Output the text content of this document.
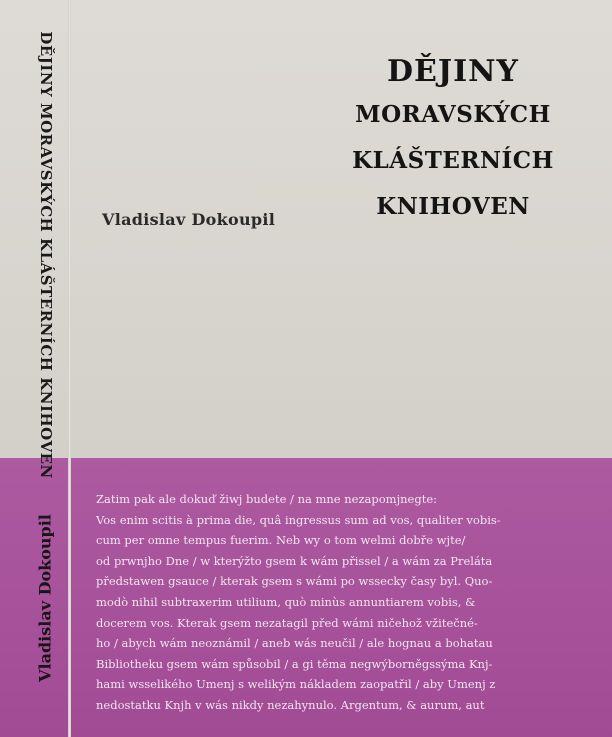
DĚJINY MORAVSKÝCH KLÁŠTERNÍCH KNIHOVEN
Vladislav Dokoupil
Vladislav Dokoupil
DĚJINY
MORAVSKÝCH
KLÁŠTERNÍCH
KNIHOVEN
Zatim pak ale dokuď žiwj budete / na mne nezapomjnegte:
Vos enim scitis à prima die, quâ ingressus sum ad vos, qualiter vobis-
cum per omne tempus fuerim. Neb wy o tom welmi dobře wjte/
od prwnjho Dne / w kterýžto gsem k wám přissel / a wám za Preláta
předstawen gsauce / kterak gsem s wámi po wssecky časy byl. Quo-
modò nihil subtraxerim utilium, quò minùs annuntiarem vobis, &
docerem vos. Kterak gsem nezatagil před wámi ničehož vžitečné-
ho / abych wám neoznámil / aneb wás neučil / ale hognau a bohatau
Bibliotheku gsem wám spůsobil / a gi těma negwýborněgssýma Knj-
hami wsselikého Umenj s welikým nákladem zaopatřil / aby Umenj z
nedostatku Knjh v wás nikdy nezahynulo. Argentum, & aurum, aut
